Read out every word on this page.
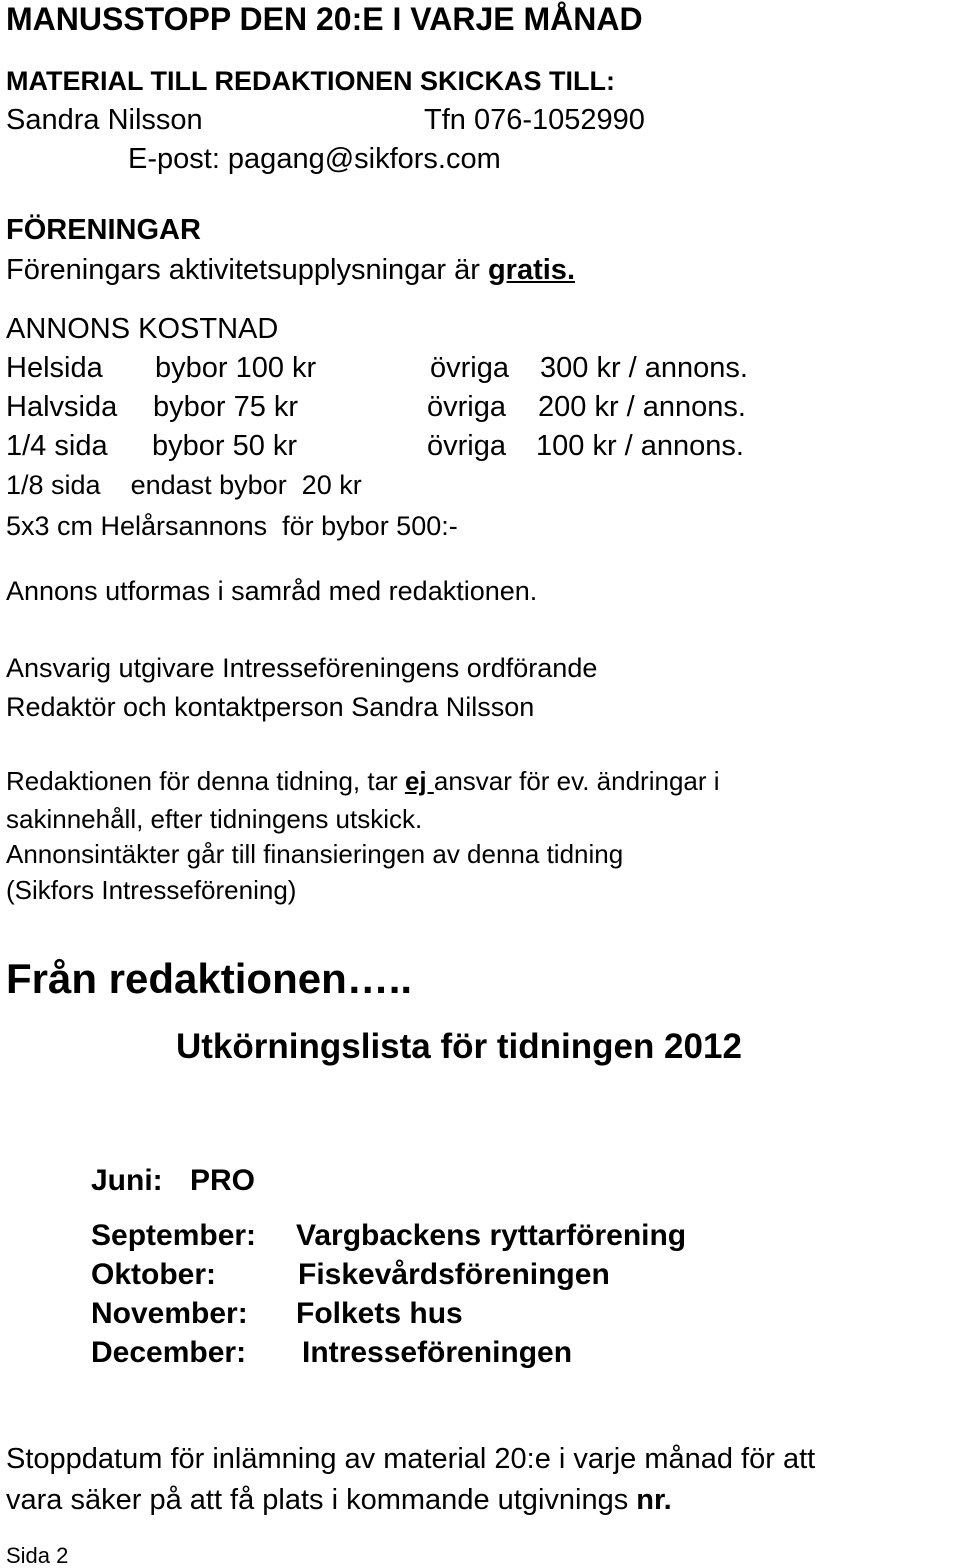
MANUSSTOPP DEN 20:E I VARJE MÅNAD
MATERIAL TILL REDAKTIONEN SKICKAS TILL:
Sandra Nilsson	Tfn 076-1052990
E-post: pagang@sikfors.com
FÖRENINGAR
Föreningars aktivitetsupplysningar är gratis.
ANNONS KOSTNAD
Helsida bybor 100 kr	övriga 300 kr / annons.
Halvsida bybor 75 kr	övriga 200 kr / annons.
1/4 sida bybor 50 kr	övriga 100 kr / annons.
1/8 sida    endast bybor  20 kr
5x3 cm Helårsannons  för bybor 500:-
Annons utformas i samråd med redaktionen.
Ansvarig utgivare Intresseföreningens ordförande
Redaktör och kontaktperson Sandra Nilsson
Redaktionen för denna tidning, tar ej ansvar för ev. ändringar i
sakinnehåll, efter tidningens utskick.
Annonsintäkter går till finansieringen av denna tidning
(Sikfors Intresseförening)
Från redaktionen…..
Utkörningslista för tidningen 2012
Juni: PRO
September: Vargbackens ryttarförening
Oktober:	Fiskevårdsföreningen
November: Folkets hus
December: Intresseföreningen
Stoppdatum för inlämning av material 20:e i varje månad för att
vara säker på att få plats i kommande utgivnings nr.
Sida 2
